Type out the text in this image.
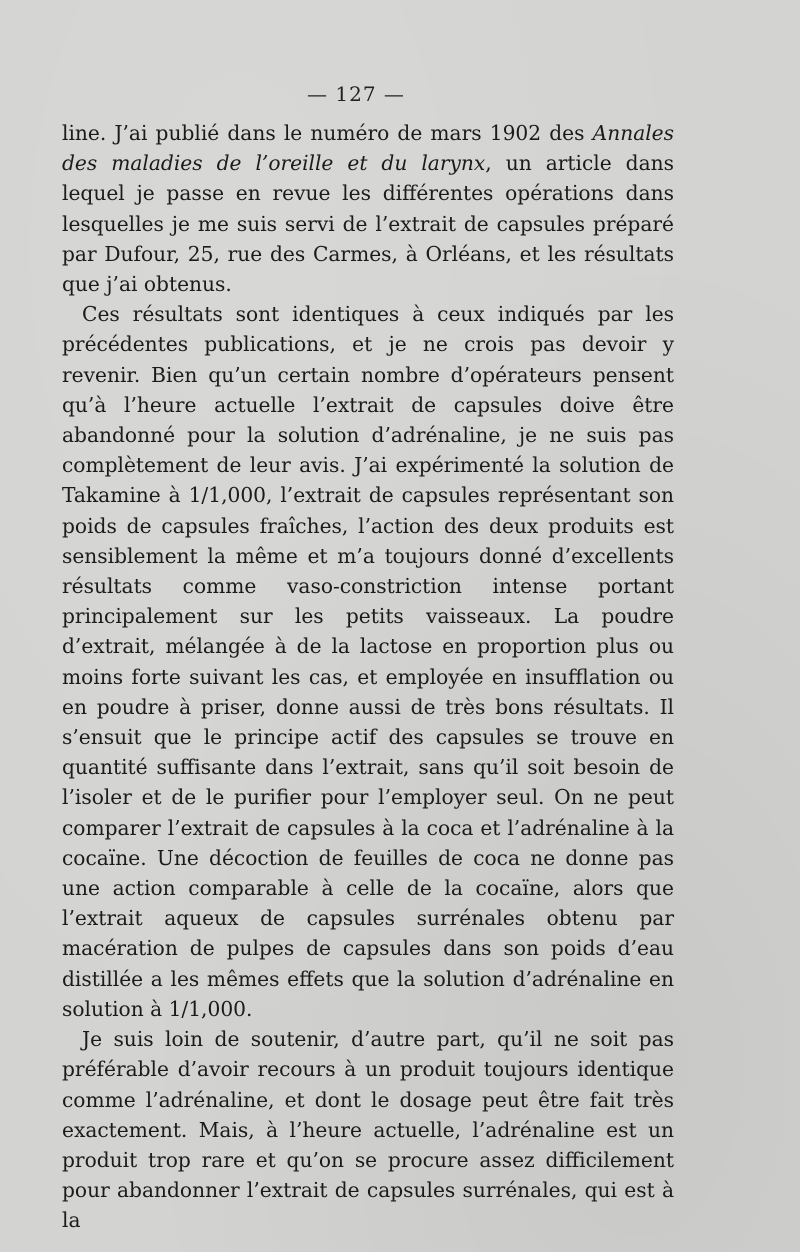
— 127 —

line. J’ai publié dans le numéro de mars 1902 des Annales des maladies de l’oreille et du larynx, un article dans lequel je passe en revue les différentes opérations dans lesquelles je me suis servi de l’extrait de capsules préparé par Dufour, 25, rue des Carmes, à Orléans, et les résultats que j’ai obtenus.

Ces résultats sont identiques à ceux indiqués par les précédentes publications, et je ne crois pas devoir y revenir. Bien qu’un certain nombre d’opérateurs pensent qu’à l’heure actuelle l’extrait de capsules doive être abandonné pour la solution d’adrénaline, je ne suis pas complètement de leur avis. J’ai expérimenté la solution de Takamine à 1/1,000, l’extrait de capsules représentant son poids de capsules fraîches, l’action des deux produits est sensiblement la même et m’a toujours donné d’excellents résultats comme vaso-constriction intense portant principalement sur les petits vaisseaux. La poudre d’extrait, mélangée à de la lactose en proportion plus ou moins forte suivant les cas, et employée en insufflation ou en poudre à priser, donne aussi de très bons résultats. Il s’ensuit que le principe actif des capsules se trouve en quantité suffisante dans l’extrait, sans qu’il soit besoin de l’isoler et de le purifier pour l’employer seul. On ne peut comparer l’extrait de capsules à la coca et l’adrénaline à la cocaïne. Une décoction de feuilles de coca ne donne pas une action comparable à celle de la cocaïne, alors que l’extrait aqueux de capsules surrénales obtenu par macération de pulpes de capsules dans son poids d’eau distillée a les mêmes effets que la solution d’adrénaline en solution à 1/1,000.

Je suis loin de soutenir, d’autre part, qu’il ne soit pas préférable d’avoir recours à un produit toujours identique comme l’adrénaline, et dont le dosage peut être fait très exactement. Mais, à l’heure actuelle, l’adrénaline est un produit trop rare et qu’on se procure assez difficilement pour abandonner l’extrait de capsules surrénales, qui est à la
